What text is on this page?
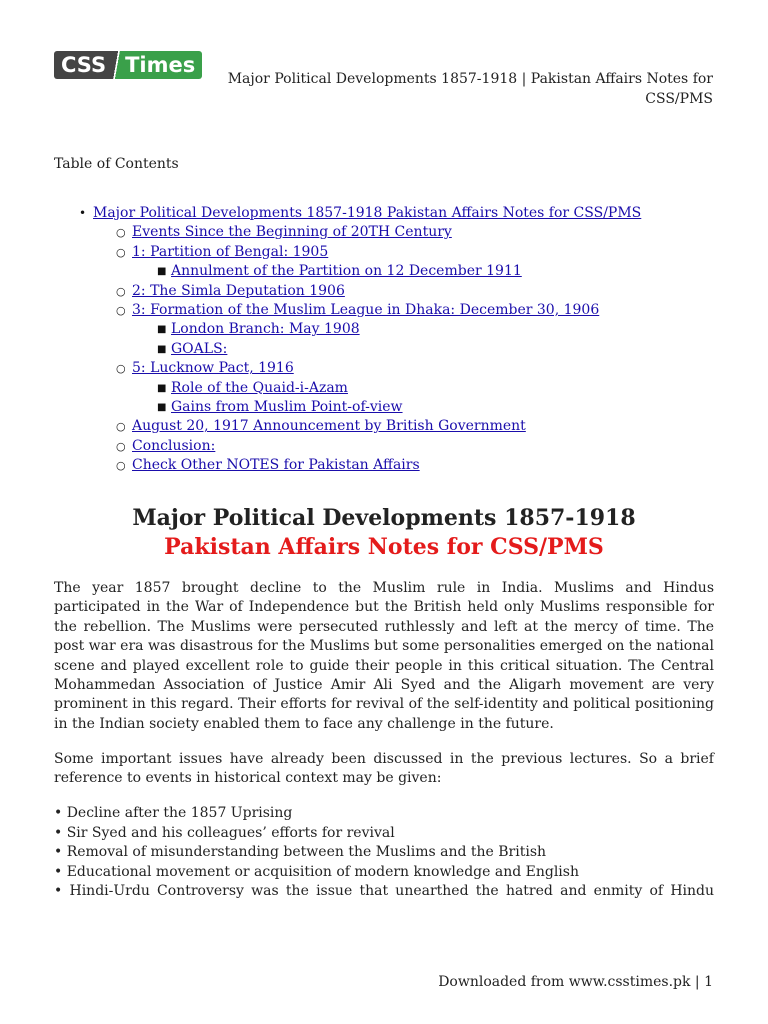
CSS Times
Major Political Developments 1857-1918 | Pakistan Affairs Notes for
CSS/PMS
Table of Contents
• Major Political Developments 1857-1918 Pakistan Affairs Notes for CSS/PMS
○ Events Since the Beginning of 20TH Century
○ 1: Partition of Bengal: 1905
■ Annulment of the Partition on 12 December 1911
○ 2: The Simla Deputation 1906
○ 3: Formation of the Muslim League in Dhaka: December 30, 1906
■ London Branch: May 1908
■ GOALS:
○ 5: Lucknow Pact, 1916
■ Role of the Quaid-i-Azam
■ Gains from Muslim Point-of-view
○ August 20, 1917 Announcement by British Government
○ Conclusion:
○ Check Other NOTES for Pakistan Affairs
Major Political Developments 1857-1918
Pakistan Affairs Notes for CSS/PMS

The year 1857 brought decline to the Muslim rule in India. Muslims and Hindus participated in the War of Independence but the British held only Muslims responsible for the rebellion. The Muslims were persecuted ruthlessly and left at the mercy of time. The post war era was disastrous for the Muslims but some personalities emerged on the national scene and played excellent role to guide their people in this critical situation. The Central Mohammedan Association of Justice Amir Ali Syed and the Aligarh movement are very prominent in this regard. Their efforts for revival of the self-identity and political positioning in the Indian society enabled them to face any challenge in the future.

Some important issues have already been discussed in the previous lectures. So a brief reference to events in historical context may be given:

• Decline after the 1857 Uprising
• Sir Syed and his colleagues’ efforts for revival
• Removal of misunderstanding between the Muslims and the British
• Educational movement or acquisition of modern knowledge and English
• Hindi-Urdu Controversy was the issue that unearthed the hatred and enmity of Hindu
Downloaded from www.csstimes.pk | 1
